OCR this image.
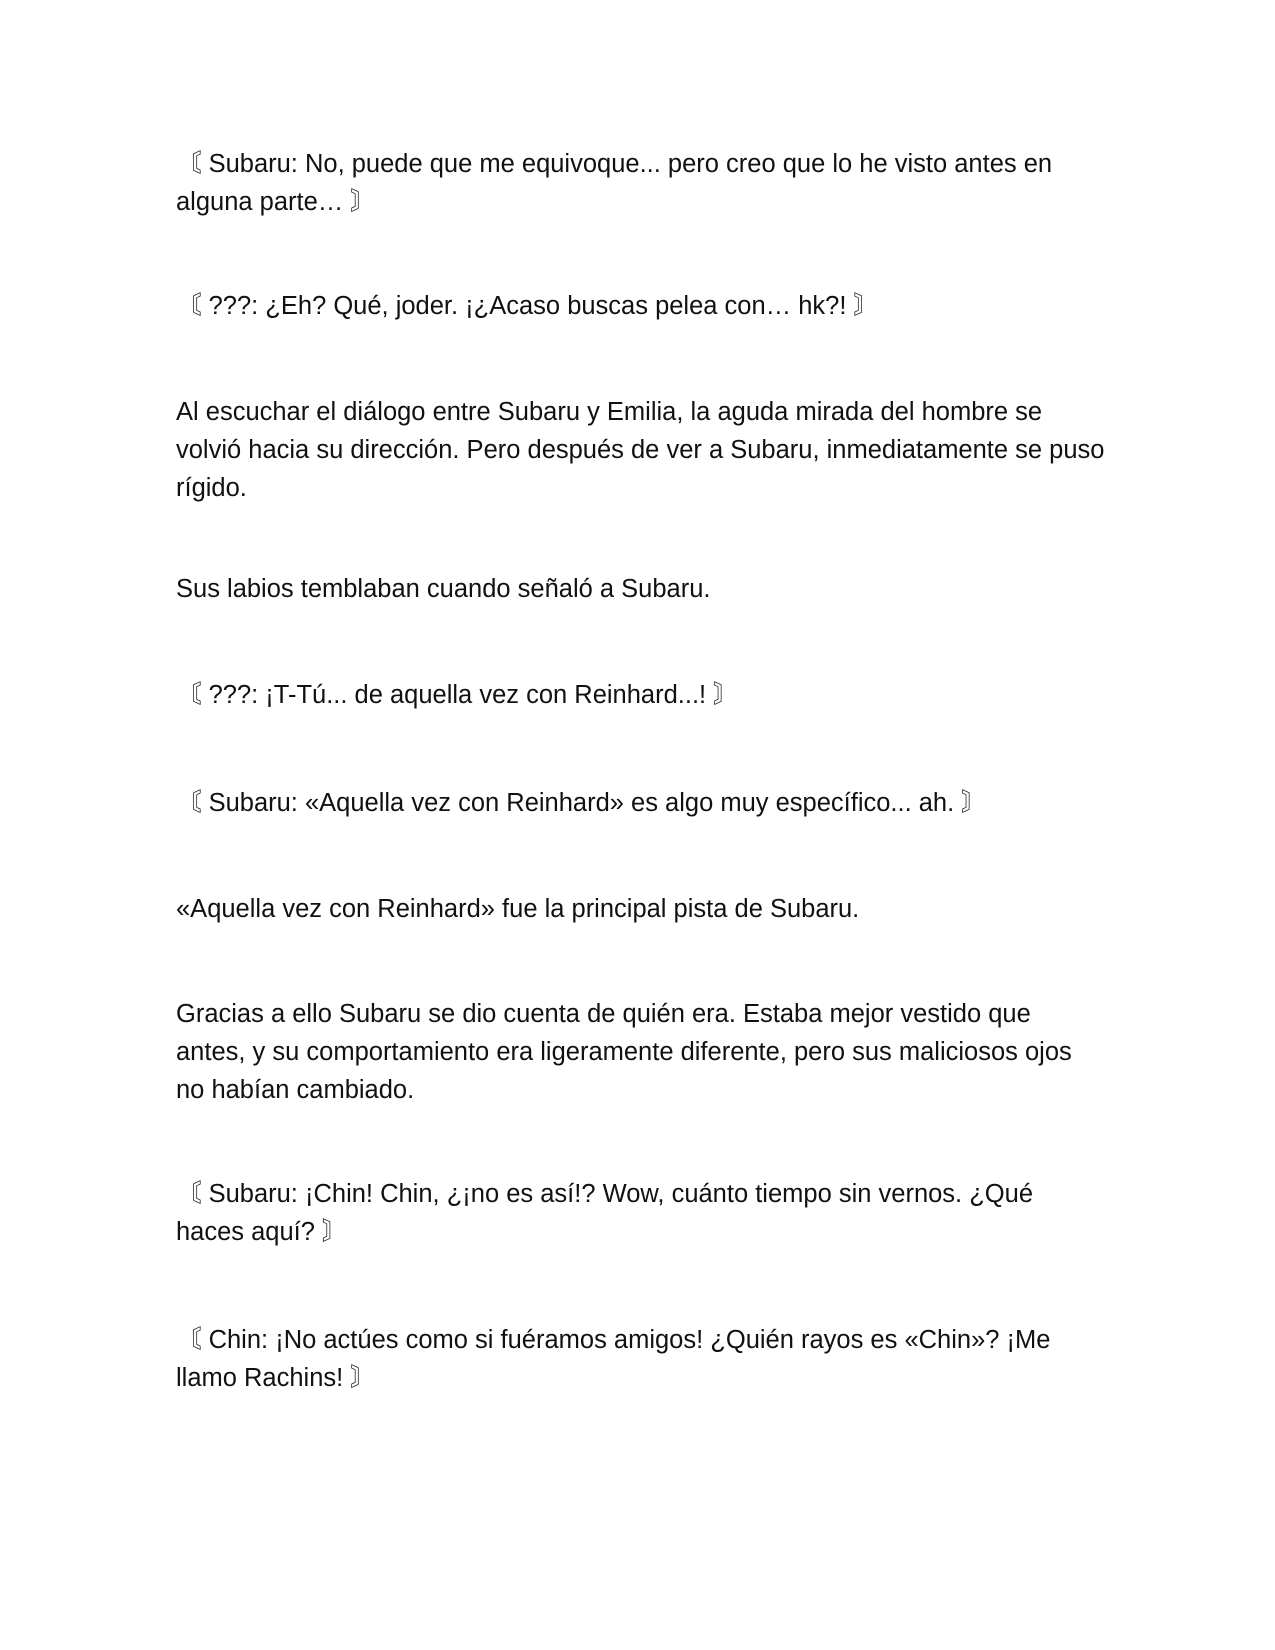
〘 Subaru: No, puede que me equivoque... pero creo que lo he visto antes en alguna parte… 〙

〘 ???: ¿Eh? Qué, joder. ¡¿Acaso buscas pelea con… hk?! 〙

Al escuchar el diálogo entre Subaru y Emilia, la aguda mirada del hombre se volvió hacia su dirección. Pero después de ver a Subaru, inmediatamente se puso rígido.

Sus labios temblaban cuando señaló a Subaru.

〘 ???: ¡T-Tú... de aquella vez con Reinhard...! 〙

〘 Subaru: «Aquella vez con Reinhard» es algo muy específico... ah. 〙

«Aquella vez con Reinhard» fue la principal pista de Subaru.

Gracias a ello Subaru se dio cuenta de quién era. Estaba mejor vestido que antes, y su comportamiento era ligeramente diferente, pero sus maliciosos ojos no habían cambiado.

〘 Subaru: ¡Chin! Chin, ¿¡no es así!? Wow, cuánto tiempo sin vernos. ¿Qué haces aquí? 〙

〘 Chin: ¡No actúes como si fuéramos amigos! ¿Quién rayos es «Chin»? ¡Me llamo Rachins! 〙
